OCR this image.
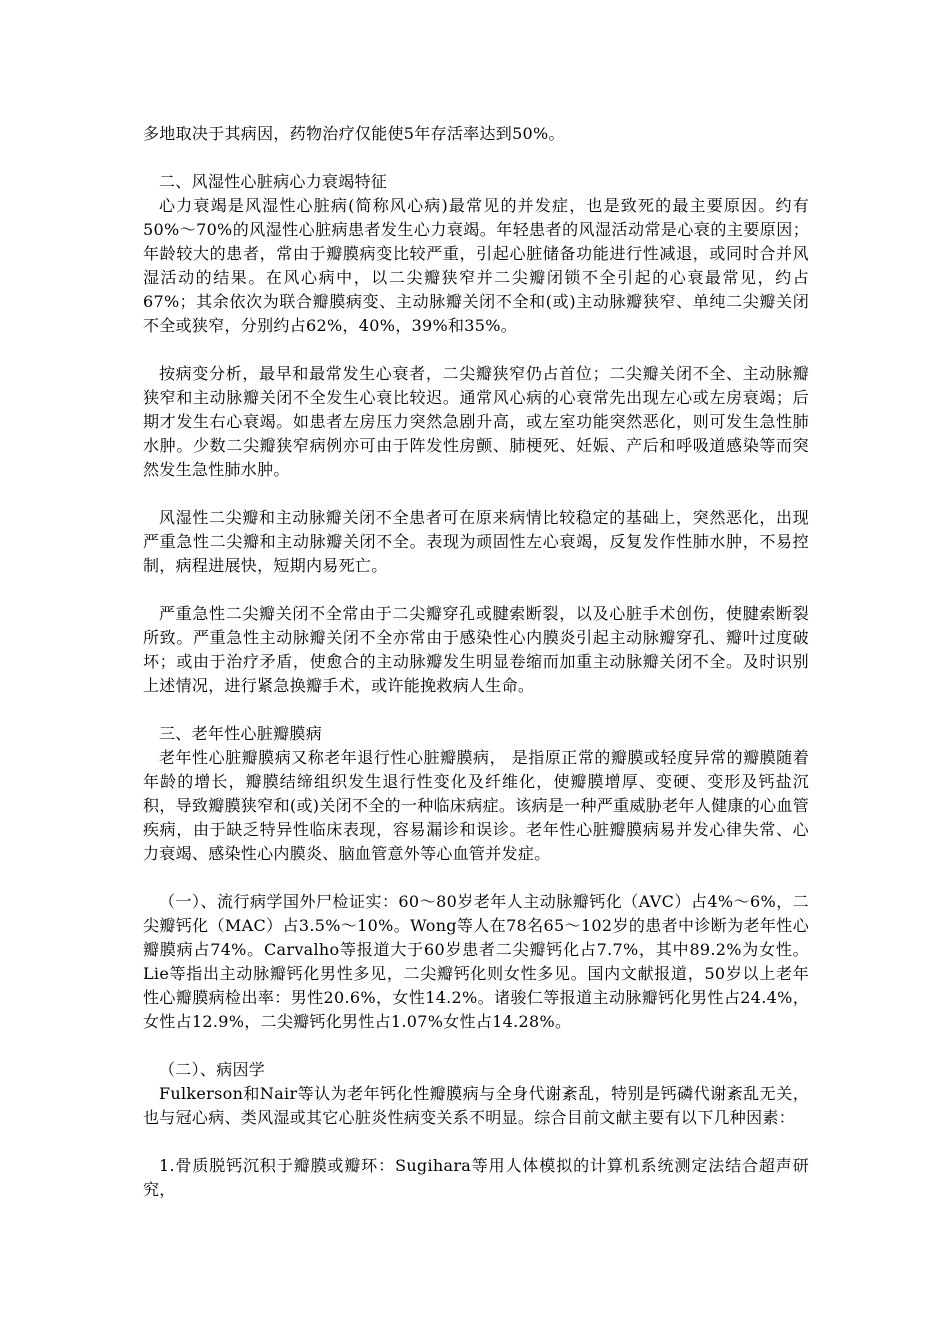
多地取决于其病因，药物治疗仅能使5年存活率达到50%。

二、风湿性心脏病心力衰竭特征

心力衰竭是风湿性心脏病(简称风心病)最常见的并发症，也是致死的最主要原因。约有50%～70%的风湿性心脏病患者发生心力衰竭。年轻患者的风湿活动常是心衰的主要原因；年龄较大的患者，常由于瓣膜病变比较严重，引起心脏储备功能进行性减退，或同时合并风湿活动的结果。在风心病中，以二尖瓣狭窄并二尖瓣闭锁不全引起的心衰最常见，约占67%；其余依次为联合瓣膜病变、主动脉瓣关闭不全和(或)主动脉瓣狭窄、单纯二尖瓣关闭不全或狭窄，分别约占62%，40%，39%和35%。

按病变分析，最早和最常发生心衰者，二尖瓣狭窄仍占首位；二尖瓣关闭不全、主动脉瓣狭窄和主动脉瓣关闭不全发生心衰比较迟。通常风心病的心衰常先出现左心或左房衰竭；后期才发生右心衰竭。如患者左房压力突然急剧升高，或左室功能突然恶化，则可发生急性肺水肿。少数二尖瓣狭窄病例亦可由于阵发性房颤、肺梗死、妊娠、产后和呼吸道感染等而突然发生急性肺水肿。

风湿性二尖瓣和主动脉瓣关闭不全患者可在原来病情比较稳定的基础上，突然恶化，出现严重急性二尖瓣和主动脉瓣关闭不全。表现为顽固性左心衰竭，反复发作性肺水肿，不易控制，病程进展快，短期内易死亡。

严重急性二尖瓣关闭不全常由于二尖瓣穿孔或腱索断裂，以及心脏手术创伤，使腱索断裂所致。严重急性主动脉瓣关闭不全亦常由于感染性心内膜炎引起主动脉瓣穿孔、瓣叶过度破坏；或由于治疗矛盾，使愈合的主动脉瓣发生明显卷缩而加重主动脉瓣关闭不全。及时识别上述情况，进行紧急换瓣手术，或许能挽救病人生命。

三、老年性心脏瓣膜病

老年性心脏瓣膜病又称老年退行性心脏瓣膜病， 是指原正常的瓣膜或轻度异常的瓣膜随着年龄的增长，瓣膜结缔组织发生退行性变化及纤维化，使瓣膜增厚、变硬、变形及钙盐沉积，导致瓣膜狭窄和(或)关闭不全的一种临床病症。该病是一种严重威胁老年人健康的心血管疾病，由于缺乏特异性临床表现，容易漏诊和误诊。老年性心脏瓣膜病易并发心律失常、心力衰竭、感染性心内膜炎、脑血管意外等心血管并发症。

（一）、流行病学国外尸检证实：60～80岁老年人主动脉瓣钙化（AVC）占4%～6%，二尖瓣钙化（MAC）占3.5%～10%。Wong等人在78名65～102岁的患者中诊断为老年性心瓣膜病占74%。Carvalho等报道大于60岁患者二尖瓣钙化占7.7%，其中89.2%为女性。Lie等指出主动脉瓣钙化男性多见，二尖瓣钙化则女性多见。国内文献报道，50岁以上老年性心瓣膜病检出率：男性20.6%，女性14.2%。诸骏仁等报道主动脉瓣钙化男性占24.4%，女性占12.9%，二尖瓣钙化男性占1.07%女性占14.28%。

（二）、病因学

Fulkerson和Nair等认为老年钙化性瓣膜病与全身代谢紊乱，特别是钙磷代谢紊乱无关，也与冠心病、类风湿或其它心脏炎性病变关系不明显。综合目前文献主要有以下几种因素：

1.骨质脱钙沉积于瓣膜或瓣环：Sugihara等用人体模拟的计算机系统测定法结合超声研究，
